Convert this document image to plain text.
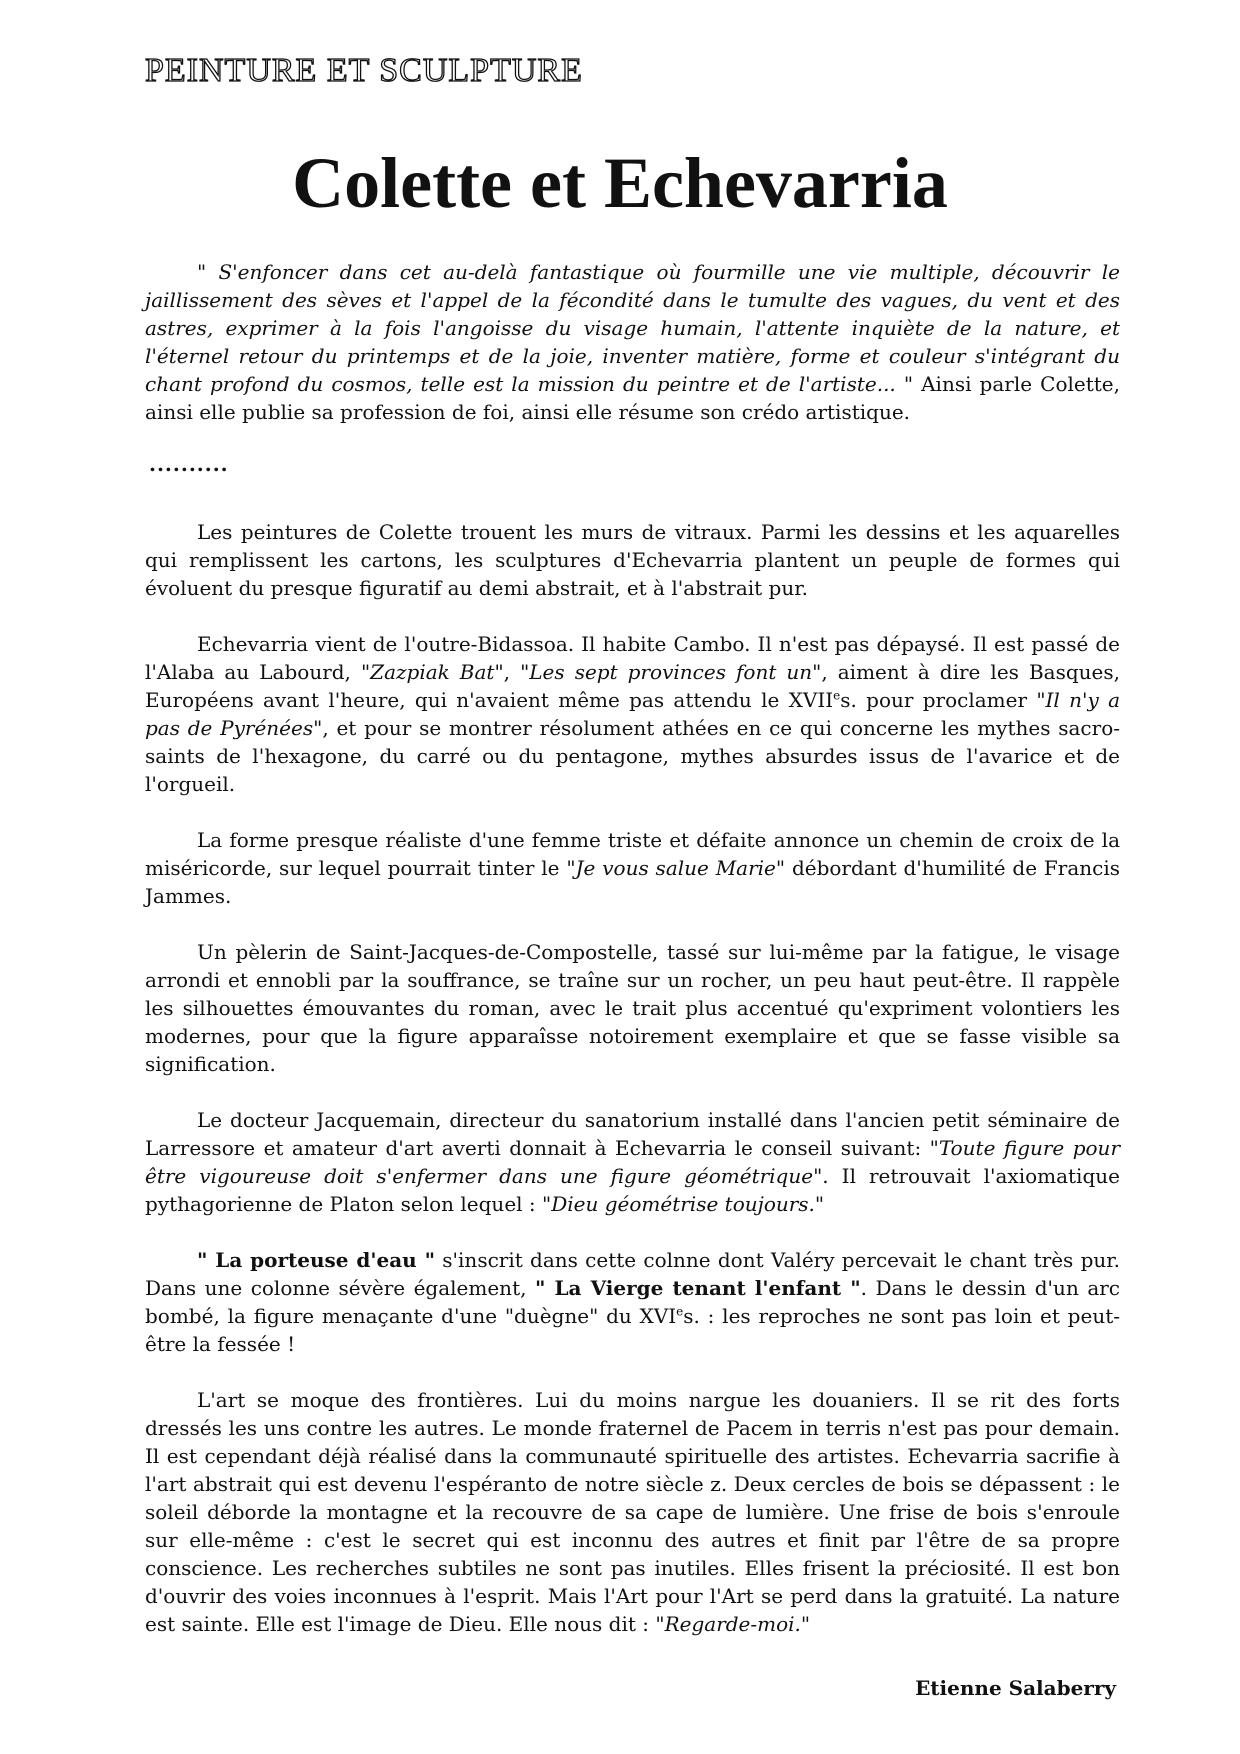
PEINTURE ET SCULPTURE
Colette et Echevarria

" S'enfoncer dans cet au-delà fantastique où fourmille une vie multiple, découvrir le jaillissement des sèves et l'appel de la fécondité dans le tumulte des vagues, du vent et des astres, exprimer à la fois l'angoisse du visage humain, l'attente inquiète de la nature, et l'éternel retour du printemps et de la joie, inventer matière, forme et couleur s'intégrant du chant profond du cosmos, telle est la mission du peintre et de l'artiste... " Ainsi parle Colette, ainsi elle publie sa profession de foi, ainsi elle résume son crédo artistique.

..........

Les peintures de Colette trouent les murs de vitraux. Parmi les dessins et les aquarelles qui remplissent les cartons, les sculptures d'Echevarria plantent un peuple de formes qui évoluent du presque figuratif au demi abstrait, et à l'abstrait pur.

Echevarria vient de l'outre-Bidassoa. Il habite Cambo. Il n'est pas dépaysé. Il est passé de l'Alaba au Labourd, "Zazpiak Bat", "Les sept provinces font un", aiment à dire les Basques, Européens avant l'heure, qui n'avaient même pas attendu le XVIIes. pour proclamer "Il n'y a pas de Pyrénées", et pour se montrer résolument athées en ce qui concerne les mythes sacro-saints de l'hexagone, du carré ou du pentagone, mythes absurdes issus de l'avarice et de l'orgueil.

La forme presque réaliste d'une femme triste et défaite annonce un chemin de croix de la miséricorde, sur lequel pourrait tinter le "Je vous salue Marie" débordant d'humilité de Francis Jammes.

Un pèlerin de Saint-Jacques-de-Compostelle, tassé sur lui-même par la fatigue, le visage arrondi et ennobli par la souffrance, se traîne sur un rocher, un peu haut peut-être. Il rappèle les silhouettes émouvantes du roman, avec le trait plus accentué qu'expriment volontiers les modernes, pour que la figure apparaîsse notoirement exemplaire et que se fasse visible sa signification.

Le docteur Jacquemain, directeur du sanatorium installé dans l'ancien petit séminaire de Larressore et amateur d'art averti donnait à Echevarria le conseil suivant: "Toute figure pour être vigoureuse doit s'enfermer dans une figure géométrique". Il retrouvait l'axiomatique pythagorienne de Platon selon lequel : "Dieu géométrise toujours."

" La porteuse d'eau " s'inscrit dans cette colnne dont Valéry percevait le chant très pur. Dans une colonne sévère également, " La Vierge tenant l'enfant ". Dans le dessin d'un arc bombé, la figure menaçante d'une "duègne" du XVIes. : les reproches ne sont pas loin et peut-être la fessée !

L'art se moque des frontières. Lui du moins nargue les douaniers. Il se rit des forts dressés les uns contre les autres. Le monde fraternel de Pacem in terris n'est pas pour demain. Il est cependant déjà réalisé dans la communauté spirituelle des artistes. Echevarria sacrifie à l'art abstrait qui est devenu l'espéranto de notre siècle z. Deux cercles de bois se dépassent : le soleil déborde la montagne et la recouvre de sa cape de lumière. Une frise de bois s'enroule sur elle-même : c'est le secret qui est inconnu des autres et finit par l'être de sa propre conscience. Les recherches subtiles ne sont pas inutiles. Elles frisent la préciosité. Il est bon d'ouvrir des voies inconnues à l'esprit. Mais l'Art pour l'Art se perd dans la gratuité. La nature est sainte. Elle est l'image de Dieu. Elle nous dit : "Regarde-moi."

Etienne Salaberry
